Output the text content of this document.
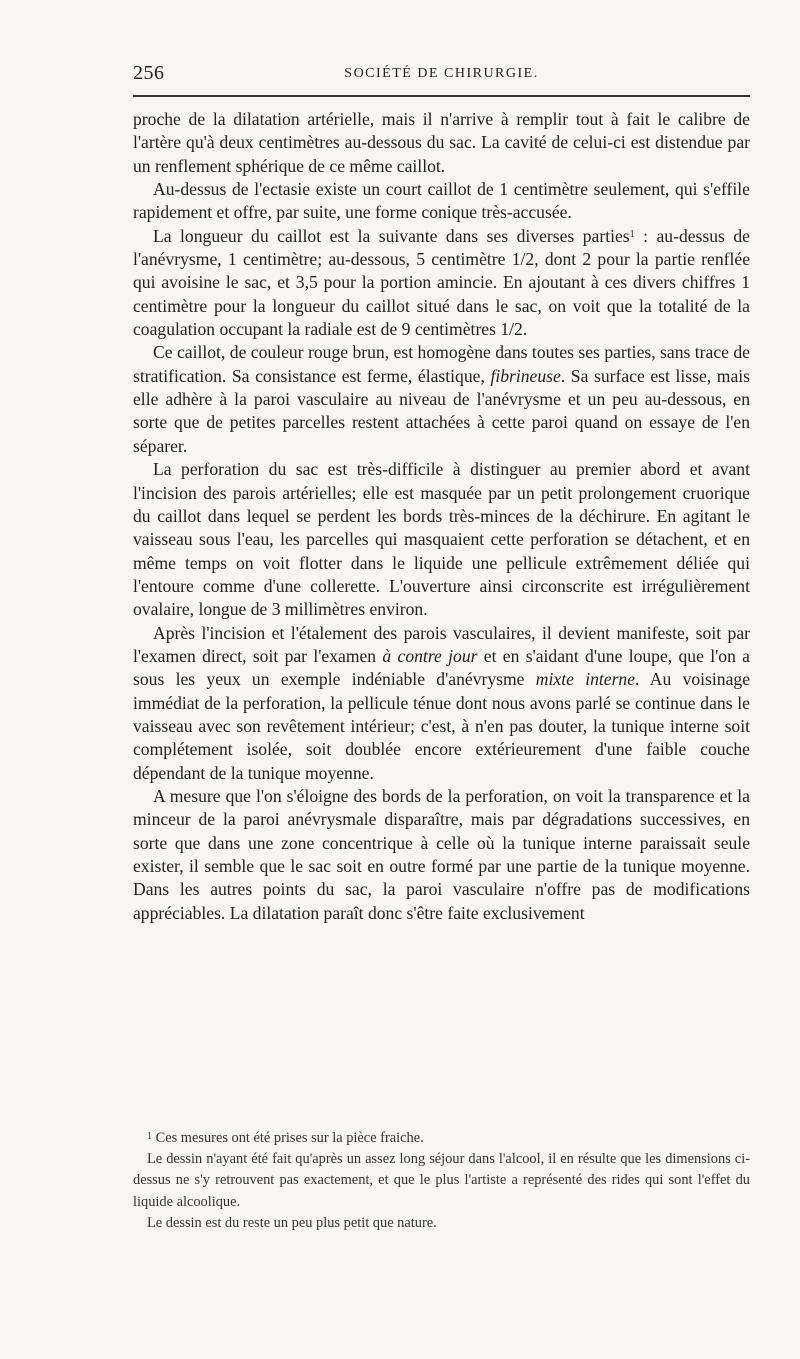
256	SOCIÉTÉ DE CHIRURGIE.

proche de la dilatation artérielle, mais il n'arrive à remplir tout à fait le calibre de l'artère qu'à deux centimètres au-dessous du sac. La cavité de celui-ci est distendue par un renflement sphérique de ce même caillot.

Au-dessus de l'ectasie existe un court caillot de 1 centimètre seulement, qui s'effile rapidement et offre, par suite, une forme conique très-accusée.

La longueur du caillot est la suivante dans ses diverses parties$^1$ : au-dessus de l'anévrysme, 1 centimètre; au-dessous, 5 centimètre 1/2, dont 2 pour la partie renflée qui avoisine le sac, et 3,5 pour la portion amincie. En ajoutant à ces divers chiffres 1 centimètre pour la longueur du caillot situé dans le sac, on voit que la totalité de la coagulation occupant la radiale est de 9 centimètres 1/2.

Ce caillot, de couleur rouge brun, est homogène dans toutes ses parties, sans trace de stratification. Sa consistance est ferme, élastique, fibrineuse. Sa surface est lisse, mais elle adhère à la paroi vasculaire au niveau de l'anévrysme et un peu au-dessous, en sorte que de petites parcelles restent attachées à cette paroi quand on essaye de l'en séparer.

La perforation du sac est très-difficile à distinguer au premier abord et avant l'incision des parois artérielles; elle est masquée par un petit prolongement cruorique du caillot dans lequel se perdent les bords très-minces de la déchirure. En agitant le vaisseau sous l'eau, les parcelles qui masquaient cette perforation se détachent, et en même temps on voit flotter dans le liquide une pellicule extrêmement déliée qui l'entoure comme d'une collerette. L'ouverture ainsi circonscrite est irrégulièrement ovalaire, longue de 3 millimètres environ.

Après l'incision et l'étalement des parois vasculaires, il devient manifeste, soit par l'examen direct, soit par l'examen à contre jour et en s'aidant d'une loupe, que l'on a sous les yeux un exemple indéniable d'anévrysme mixte interne. Au voisinage immédiat de la perforation, la pellicule ténue dont nous avons parlé se continue dans le vaisseau avec son revêtement intérieur; c'est, à n'en pas douter, la tunique interne soit complétement isolée, soit doublée encore extérieurement d'une faible couche dépendant de la tunique moyenne.

A mesure que l'on s'éloigne des bords de la perforation, on voit la transparence et la minceur de la paroi anévrysmale disparaître, mais par dégradations successives, en sorte que dans une zone concentrique à celle où la tunique interne paraissait seule exister, il semble que le sac soit en outre formé par une partie de la tunique moyenne. Dans les autres points du sac, la paroi vasculaire n'offre pas de modifications appréciables. La dilatation paraît donc s'être faite exclusivement

$^1$ Ces mesures ont été prises sur la pièce fraiche.

Le dessin n'ayant été fait qu'après un assez long séjour dans l'alcool, il en résulte que les dimensions ci-dessus ne s'y retrouvent pas exactement, et que le plus l'artiste a représenté des rides qui sont l'effet du liquide alcoolique.

Le dessin est du reste un peu plus petit que nature.
